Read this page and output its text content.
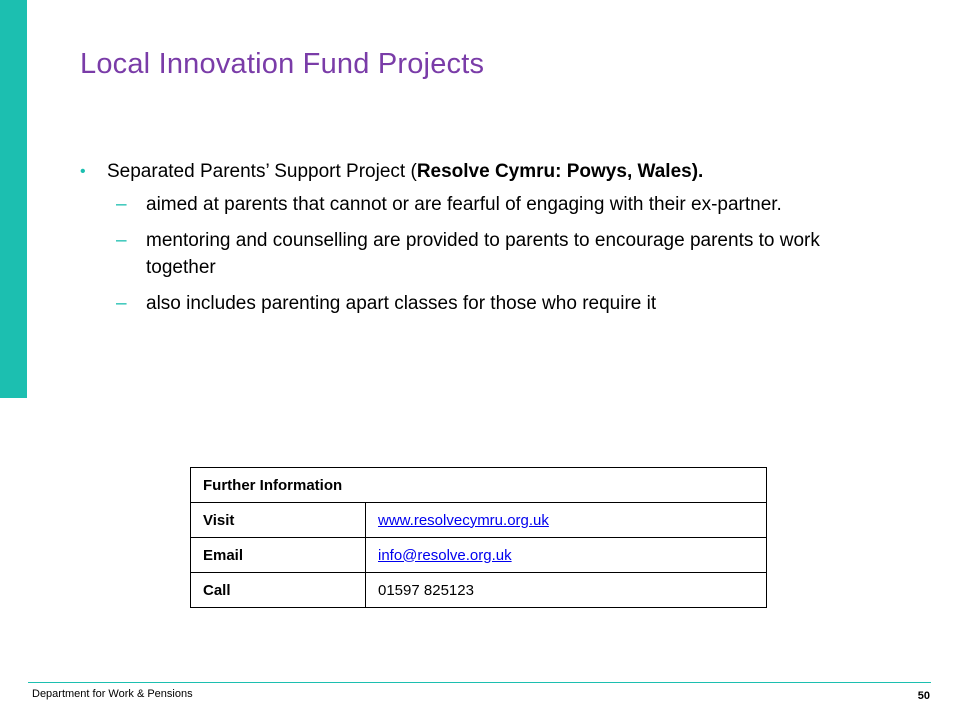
Local Innovation Fund Projects
•	Separated Parents’ Support Project (Resolve Cymru: Powys, Wales).
–	aimed at parents that cannot or are fearful of engaging with their ex-partner.
–	mentoring and counselling are provided to parents to encourage parents to work together
–	also includes parenting apart classes for those who require it
Further Information	
Visit	www.resolvecymru.org.uk
Email	info@resolve.org.uk
Call	01597 825123
Department for Work & Pensions	50
